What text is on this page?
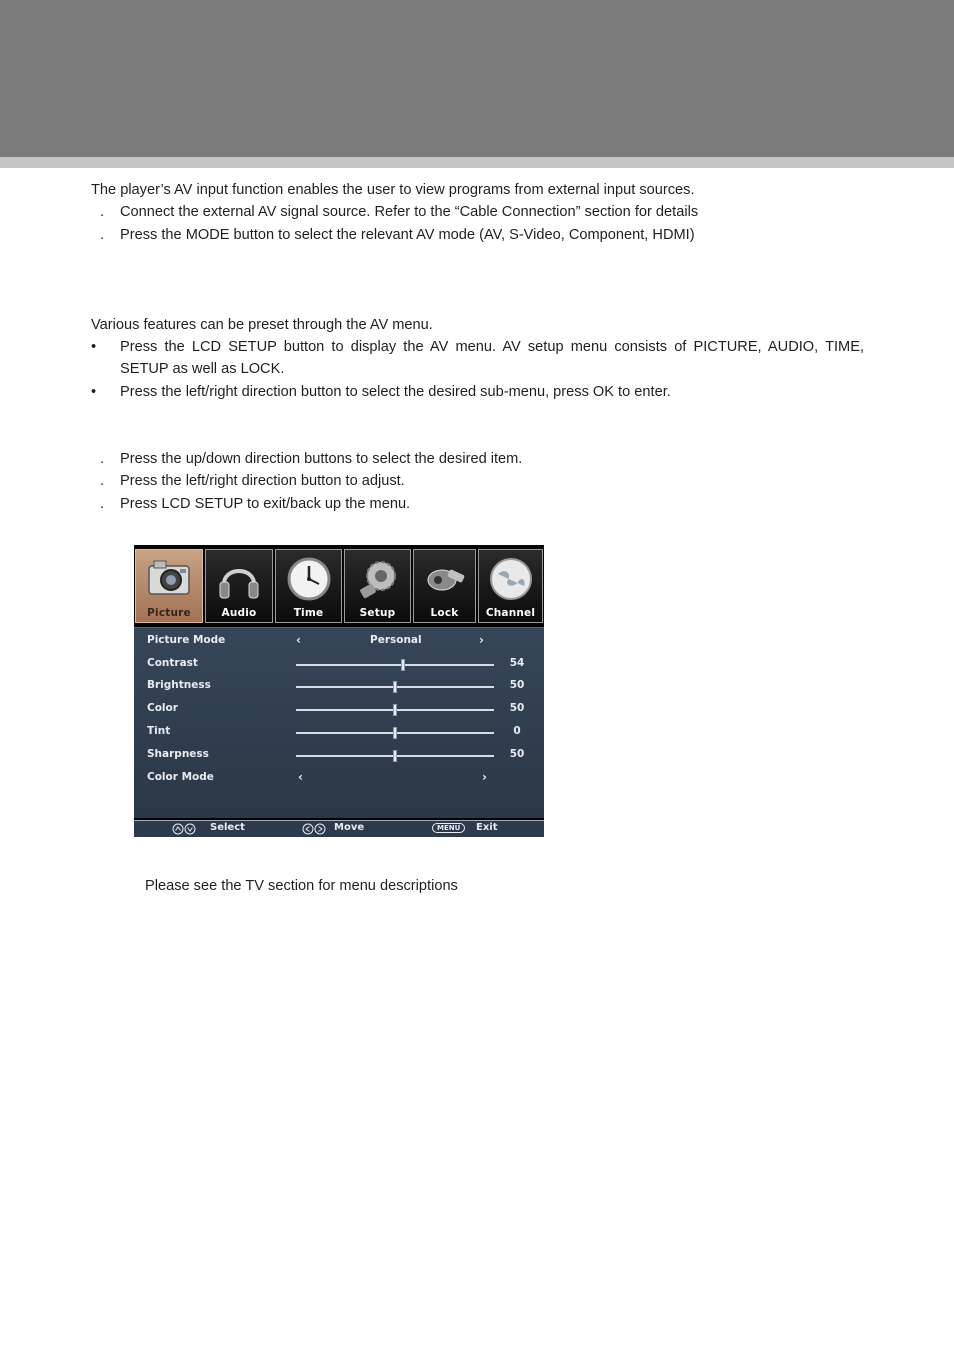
The player’s AV input function enables the user to view programs from external input sources.
. Connect the external AV signal source. Refer to the “Cable Connection” section for details
. Press the MODE button to select the relevant AV mode (AV, S-Video, Component, HDMI)
Various features can be preset through the AV menu.
• Press the LCD SETUP button to display the AV menu. AV setup menu consists of PICTURE, AUDIO, TIME, SETUP as well as LOCK.
• Press the left/right direction button to select the desired sub-menu, press OK to enter.
. Press the up/down direction buttons to select the desired item.
. Press the left/right direction button to adjust.
. Press LCD SETUP to exit/back up the menu.
Picture	Audio	Time	Setup	Lock	Channel
Picture Mode	‹	Personal	›
Contrast	54
Brightness	50
Color	50
Tint	0
Sharpness	50
Color Mode	‹	›
Select	Move	MENU	Exit
Please see the TV section for menu descriptions
